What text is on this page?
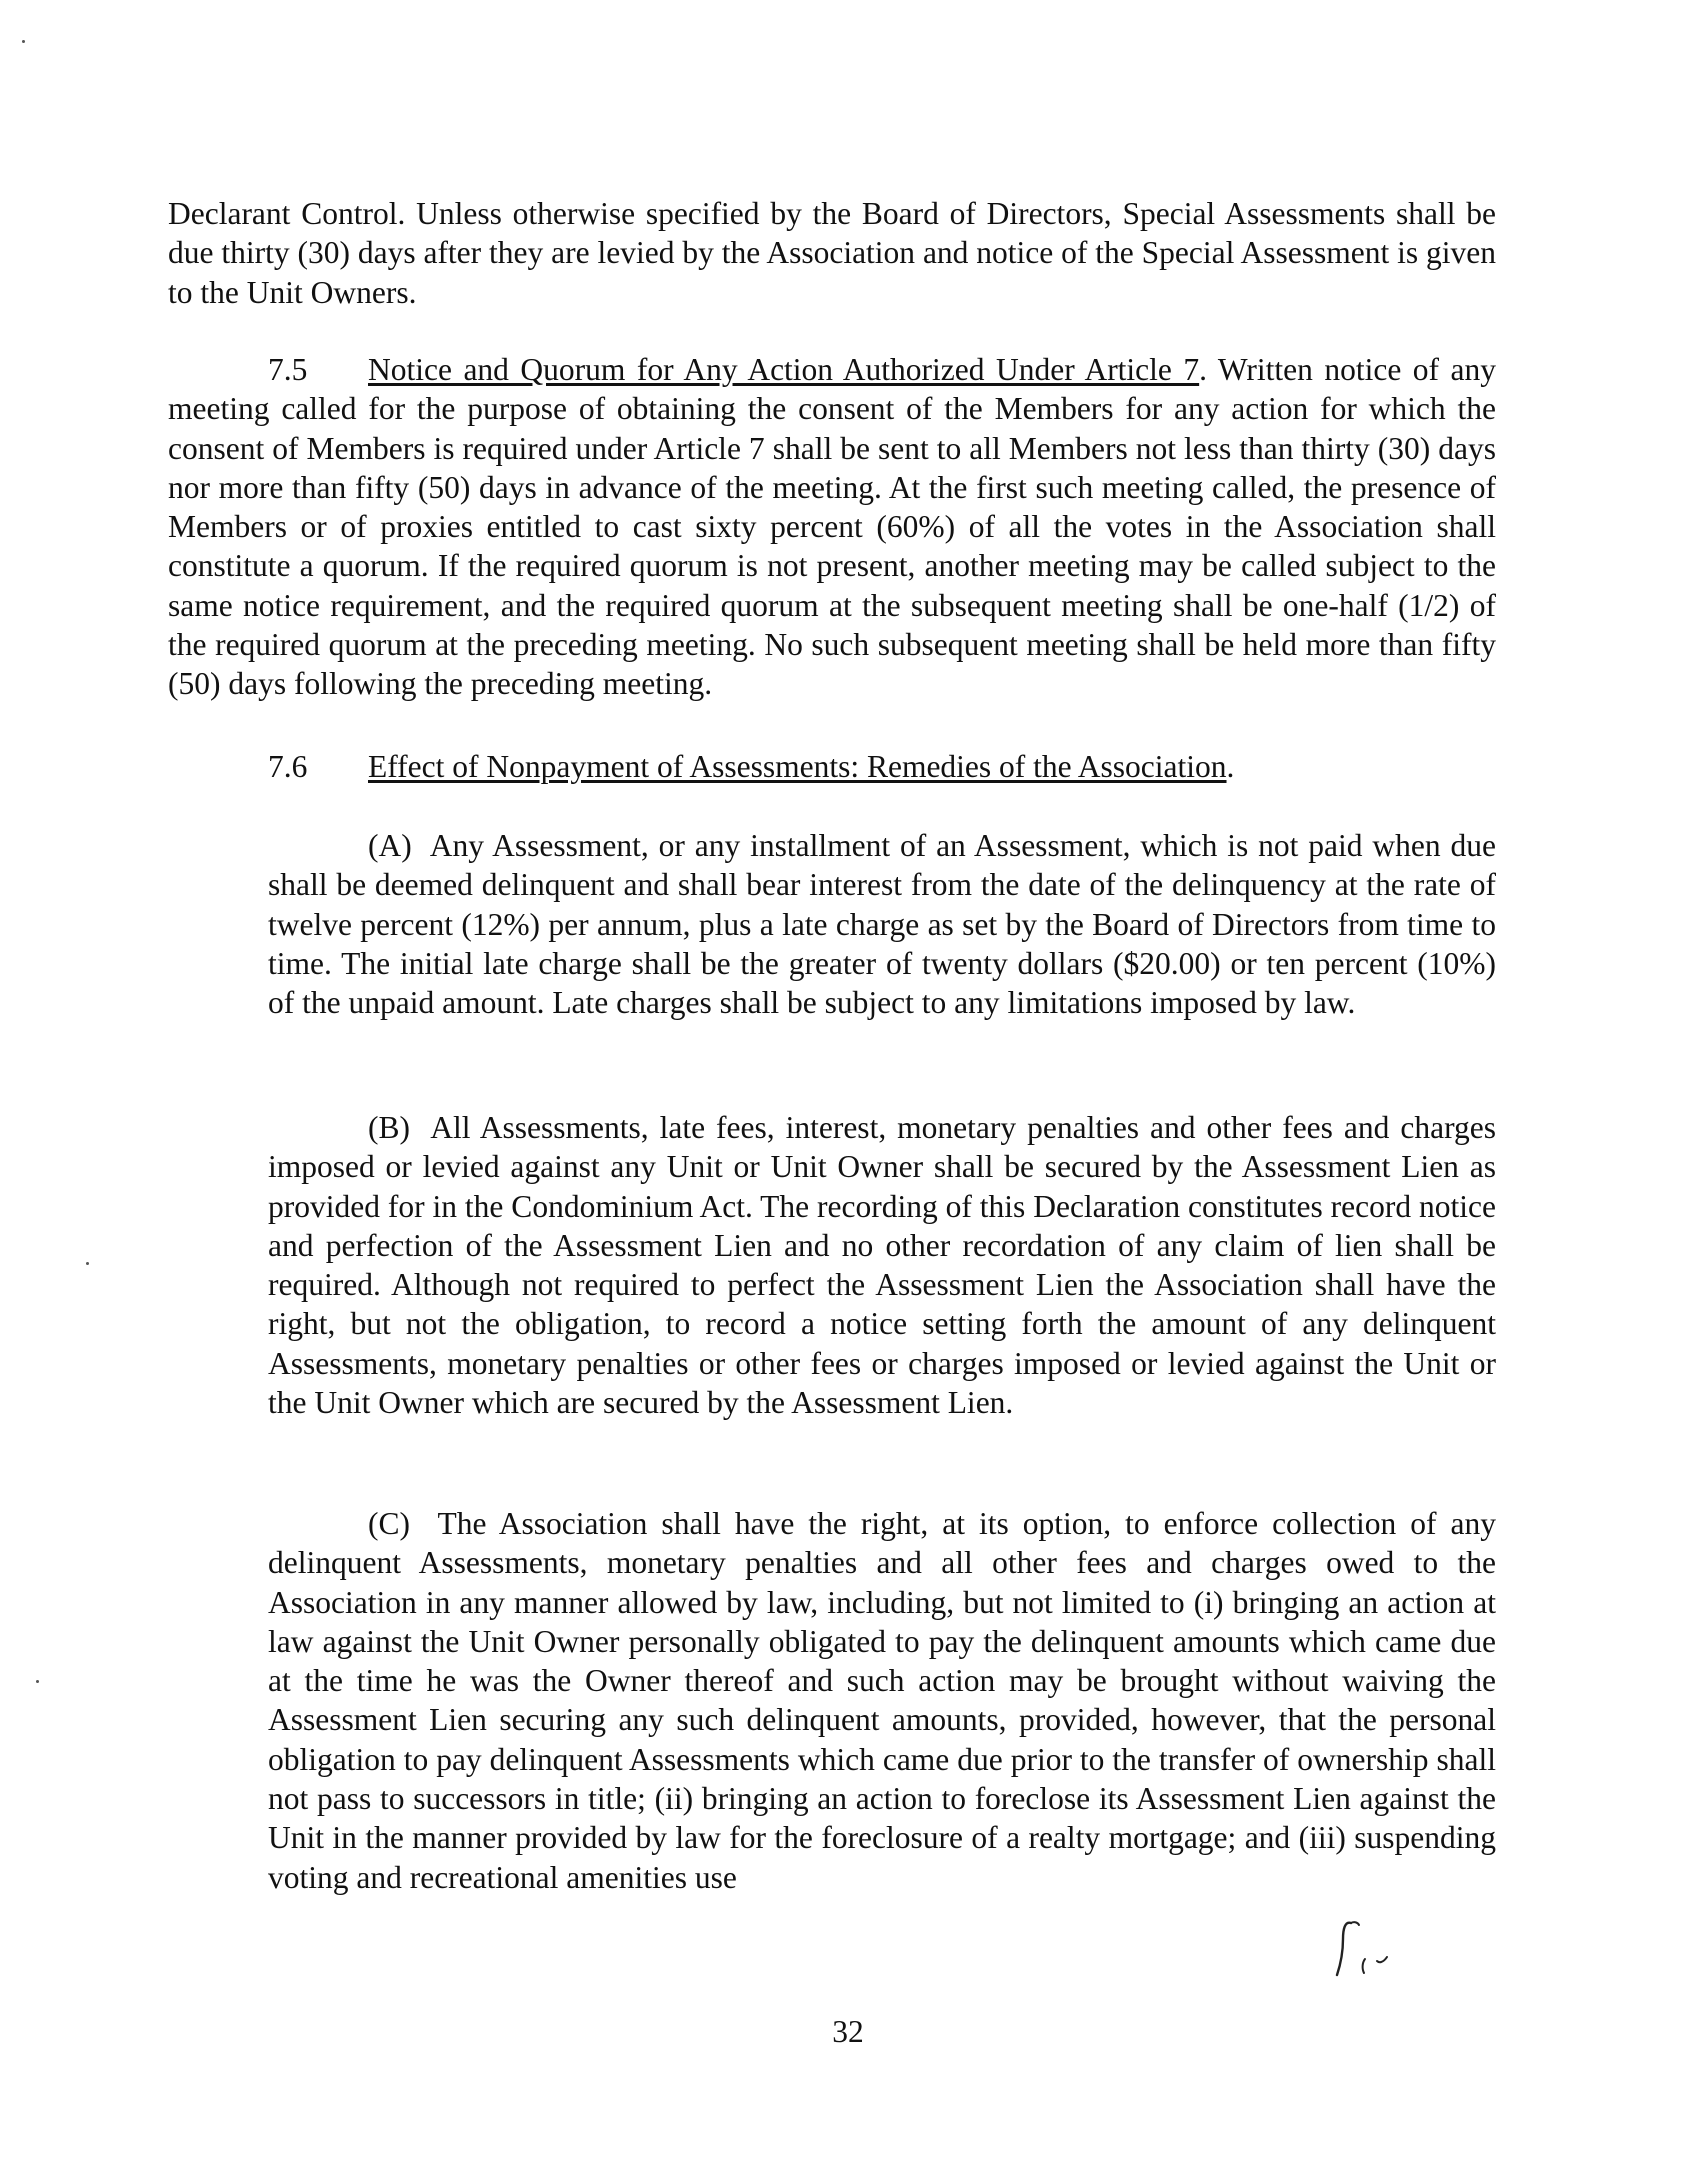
Declarant Control. Unless otherwise specified by the Board of Directors, Special Assessments shall be due thirty (30) days after they are levied by the Association and notice of the Special Assessment is given to the Unit Owners.

7.5 Notice and Quorum for Any Action Authorized Under Article 7. Written notice of any meeting called for the purpose of obtaining the consent of the Members for any action for which the consent of Members is required under Article 7 shall be sent to all Members not less than thirty (30) days nor more than fifty (50) days in advance of the meeting. At the first such meeting called, the presence of Members or of proxies entitled to cast sixty percent (60%) of all the votes in the Association shall constitute a quorum. If the required quorum is not present, another meeting may be called subject to the same notice requirement, and the required quorum at the subsequent meeting shall be one-half (1/2) of the required quorum at the preceding meeting. No such subsequent meeting shall be held more than fifty (50) days following the preceding meeting.

7.6 Effect of Nonpayment of Assessments: Remedies of the Association.

(A) Any Assessment, or any installment of an Assessment, which is not paid when due shall be deemed delinquent and shall bear interest from the date of the delinquency at the rate of twelve percent (12%) per annum, plus a late charge as set by the Board of Directors from time to time. The initial late charge shall be the greater of twenty dollars ($20.00) or ten percent (10%) of the unpaid amount. Late charges shall be subject to any limitations imposed by law.

(B) All Assessments, late fees, interest, monetary penalties and other fees and charges imposed or levied against any Unit or Unit Owner shall be secured by the Assessment Lien as provided for in the Condominium Act. The recording of this Declaration constitutes record notice and perfection of the Assessment Lien and no other recordation of any claim of lien shall be required. Although not required to perfect the Assessment Lien the Association shall have the right, but not the obligation, to record a notice setting forth the amount of any delinquent Assessments, monetary penalties or other fees or charges imposed or levied against the Unit or the Unit Owner which are secured by the Assessment Lien.

(C) The Association shall have the right, at its option, to enforce collection of any delinquent Assessments, monetary penalties and all other fees and charges owed to the Association in any manner allowed by law, including, but not limited to (i) bringing an action at law against the Unit Owner personally obligated to pay the delinquent amounts which came due at the time he was the Owner thereof and such action may be brought without waiving the Assessment Lien securing any such delinquent amounts, provided, however, that the personal obligation to pay delinquent Assessments which came due prior to the transfer of ownership shall not pass to successors in title; (ii) bringing an action to foreclose its Assessment Lien against the Unit in the manner provided by law for the foreclosure of a realty mortgage; and (iii) suspending voting and recreational amenities use

32
